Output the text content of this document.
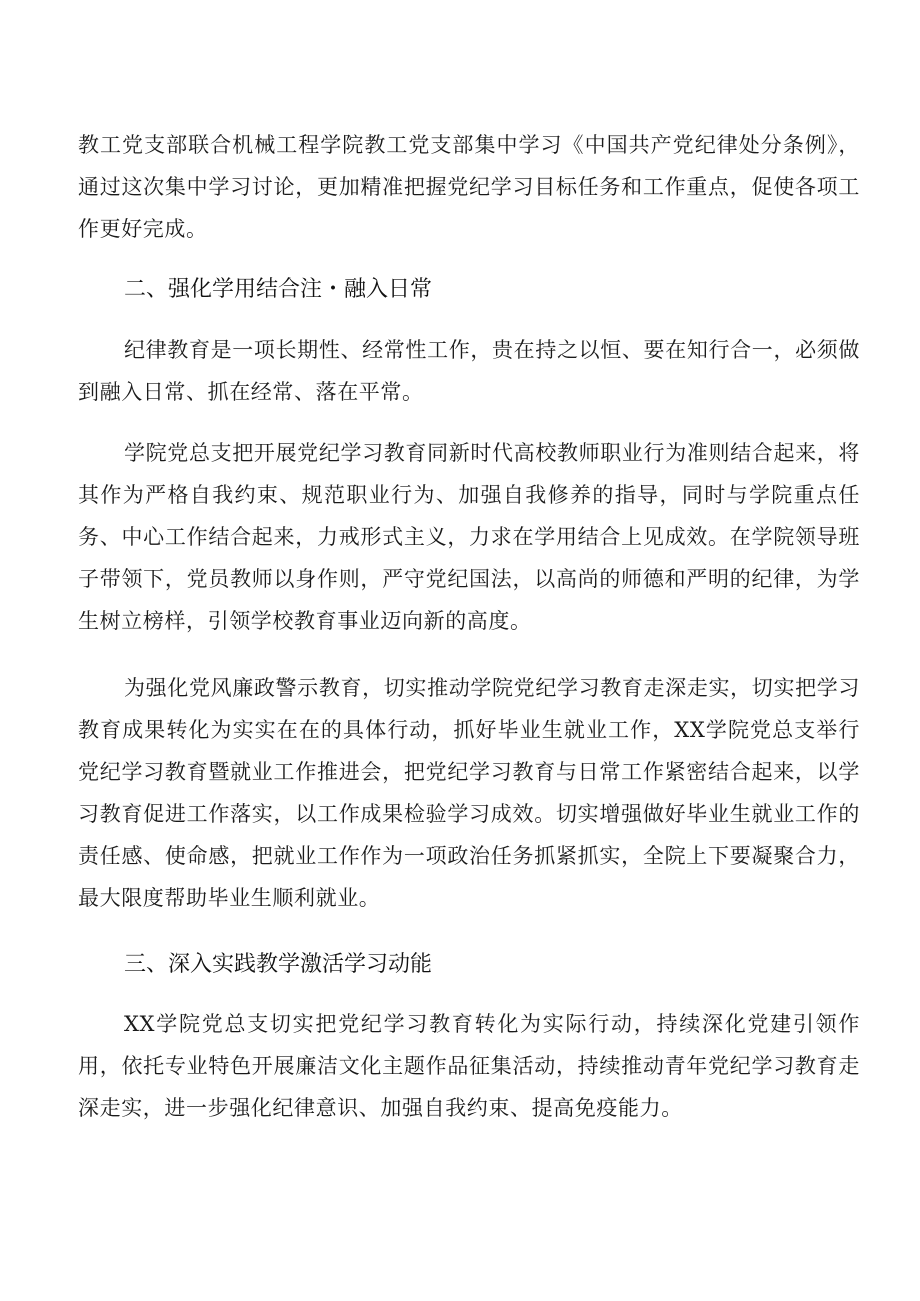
教工党支部联合机械工程学院教工党支部集中学习《中国共产党纪律处分条例》，通过这次集中学习讨论，更加精准把握党纪学习目标任务和工作重点，促使各项工作更好完成。

二、强化学用结合注・融入日常

纪律教育是一项长期性、经常性工作，贵在持之以恒、要在知行合一，必须做到融入日常、抓在经常、落在平常。

学院党总支把开展党纪学习教育同新时代高校教师职业行为准则结合起来，将其作为严格自我约束、规范职业行为、加强自我修养的指导，同时与学院重点任务、中心工作结合起来，力戒形式主义，力求在学用结合上见成效。在学院领导班子带领下，党员教师以身作则，严守党纪国法，以高尚的师德和严明的纪律，为学生树立榜样，引领学校教育事业迈向新的高度。

为强化党风廉政警示教育，切实推动学院党纪学习教育走深走实，切实把学习教育成果转化为实实在在的具体行动，抓好毕业生就业工作，XX学院党总支举行党纪学习教育暨就业工作推进会，把党纪学习教育与日常工作紧密结合起来，以学习教育促进工作落实，以工作成果检验学习成效。切实增强做好毕业生就业工作的责任感、使命感，把就业工作作为一项政治任务抓紧抓实，全院上下要凝聚合力，最大限度帮助毕业生顺利就业。

三、深入实践教学激活学习动能

XX学院党总支切实把党纪学习教育转化为实际行动，持续深化党建引领作用，依托专业特色开展廉洁文化主题作品征集活动，持续推动青年党纪学习教育走深走实，进一步强化纪律意识、加强自我约束、提高免疫能力。
